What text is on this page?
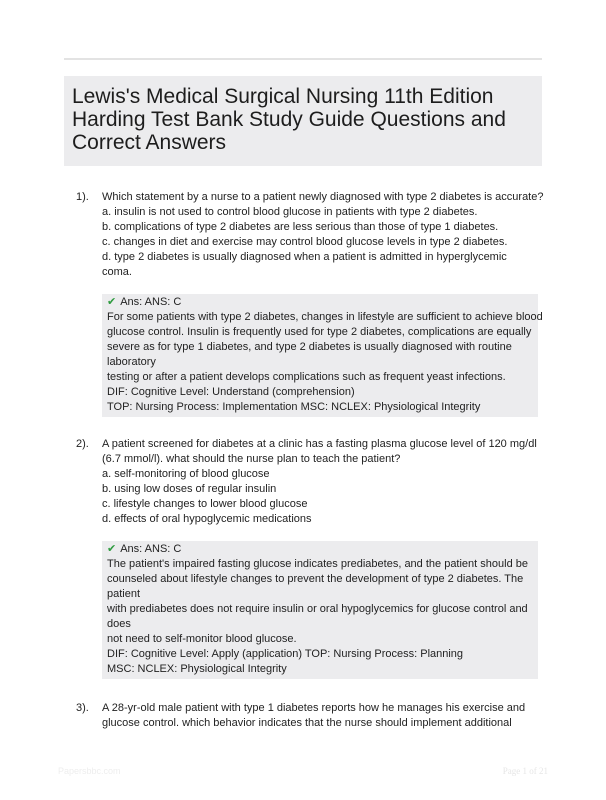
Lewis's Medical Surgical Nursing 11th Edition Harding Test Bank Study Guide Questions and Correct Answers
1). Which statement by a nurse to a patient newly diagnosed with type 2 diabetes is accurate?
a. insulin is not used to control blood glucose in patients with type 2 diabetes.
b. complications of type 2 diabetes are less serious than those of type 1 diabetes.
c. changes in diet and exercise may control blood glucose levels in type 2 diabetes.
d. type 2 diabetes is usually diagnosed when a patient is admitted in hyperglycemic
coma.
✔ Ans: ANS: C
For some patients with type 2 diabetes, changes in lifestyle are sufficient to achieve blood
glucose control. Insulin is frequently used for type 2 diabetes, complications are equally
severe as for type 1 diabetes, and type 2 diabetes is usually diagnosed with routine
laboratory
testing or after a patient develops complications such as frequent yeast infections.
DIF: Cognitive Level: Understand (comprehension)
TOP: Nursing Process: Implementation MSC: NCLEX: Physiological Integrity
2). A patient screened for diabetes at a clinic has a fasting plasma glucose level of 120 mg/dl
(6.7 mmol/l). what should the nurse plan to teach the patient?
a. self-monitoring of blood glucose
b. using low doses of regular insulin
c. lifestyle changes to lower blood glucose
d. effects of oral hypoglycemic medications
✔ Ans: ANS: C
The patient's impaired fasting glucose indicates prediabetes, and the patient should be
counseled about lifestyle changes to prevent the development of type 2 diabetes. The
patient
with prediabetes does not require insulin or oral hypoglycemics for glucose control and
does
not need to self-monitor blood glucose.
DIF: Cognitive Level: Apply (application) TOP: Nursing Process: Planning
MSC: NCLEX: Physiological Integrity
3). A 28-yr-old male patient with type 1 diabetes reports how he manages his exercise and
glucose control. which behavior indicates that the nurse should implement additional
Papersbbc.com	Page 1 of 21
